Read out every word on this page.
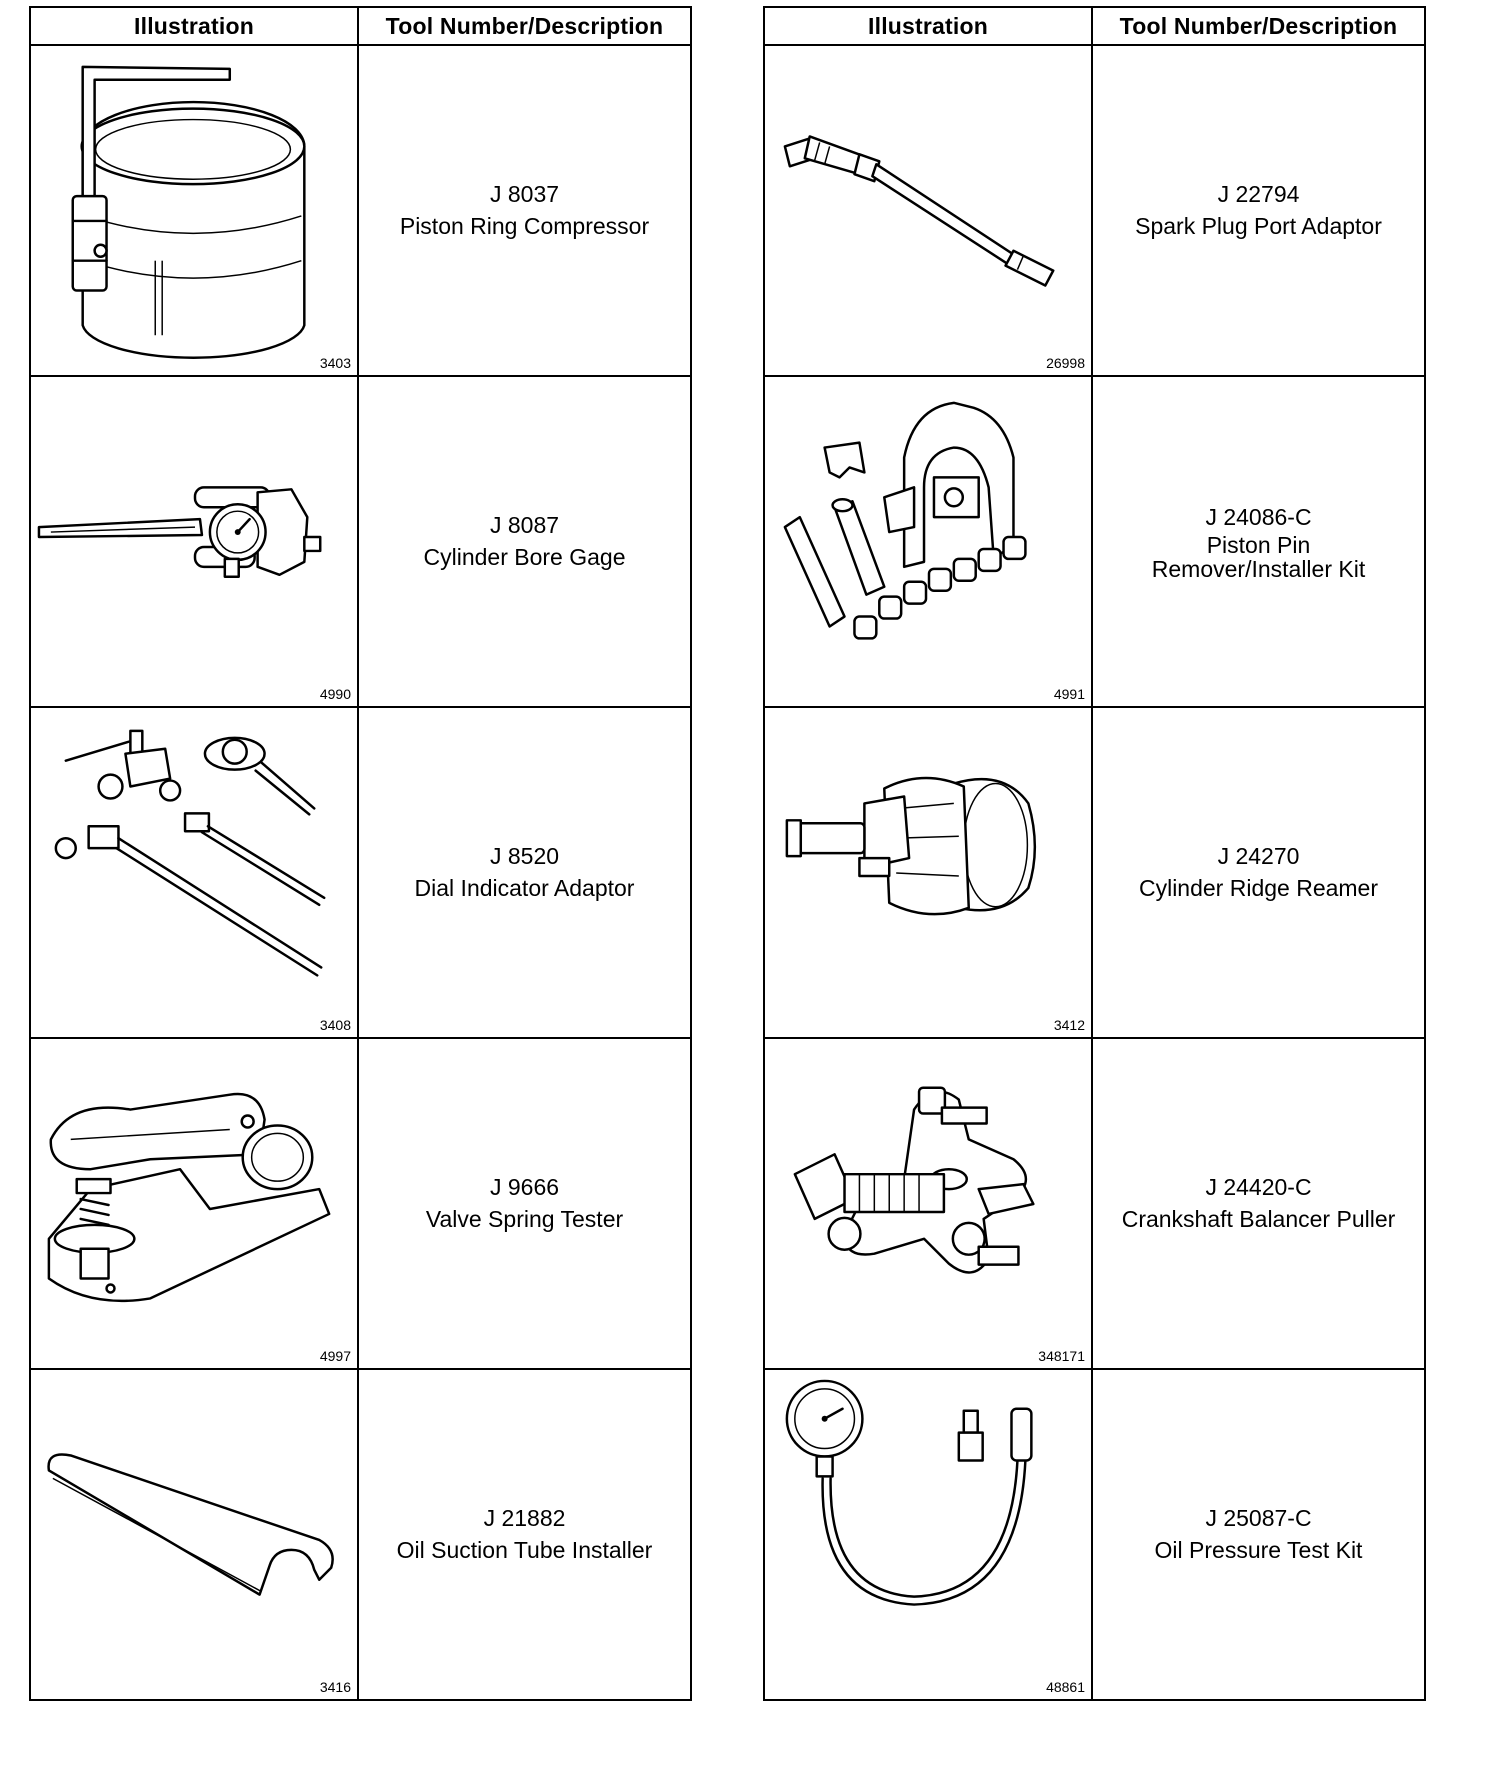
Illustration	Tool Number/Description

3403	J 8037
Piston Ring Compressor

4990	J 8087
Cylinder Bore Gage

3408	J 8520
Dial Indicator Adaptor

4997	J 9666
Valve Spring Tester

3416	J 21882
Oil Suction Tube Installer
Illustration	Tool Number/Description

26998	J 22794
Spark Plug Port Adaptor

4991	J 24086-C
Piston Pin
Remover/Installer Kit

3412	J 24270
Cylinder Ridge Reamer

348171	J 24420-C
Crankshaft Balancer Puller

48861	J 25087-C
Oil Pressure Test Kit
